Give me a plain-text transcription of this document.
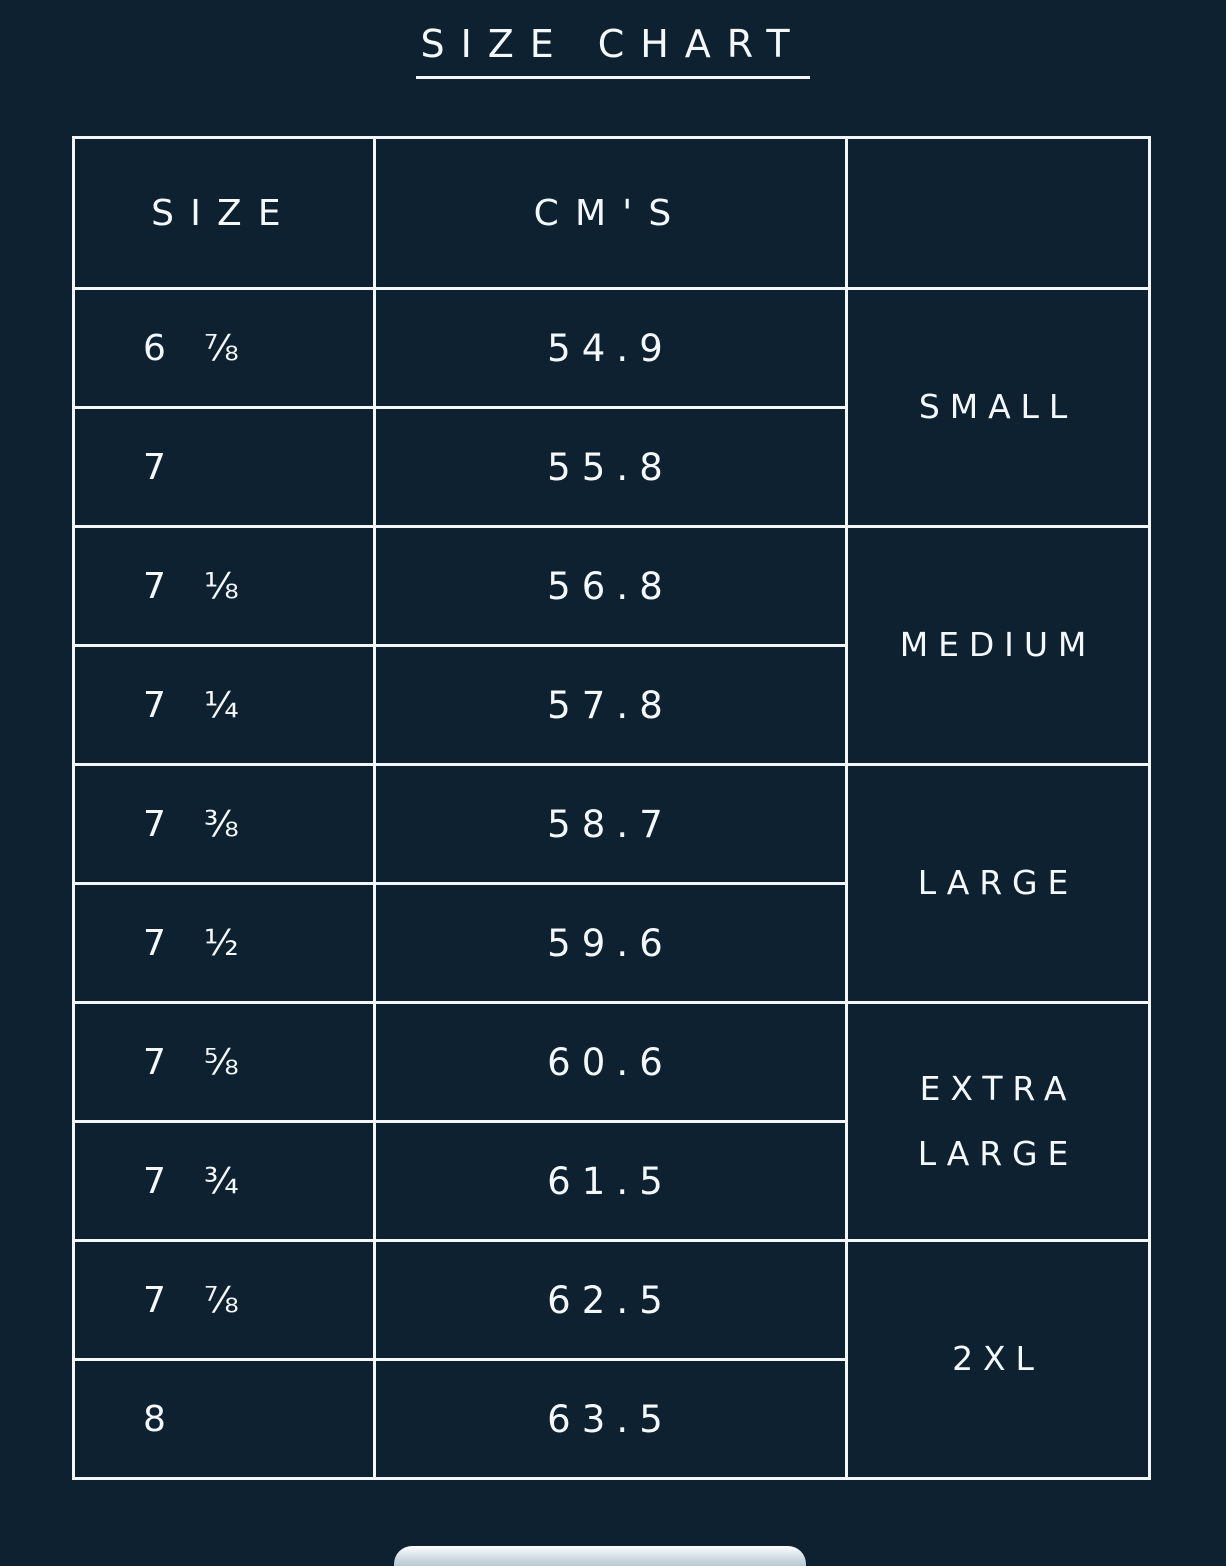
SIZE CHART
SIZE	CM'S	
6  ⅞	54.9	SMALL
7	55.8	
7  ⅛	56.8	MEDIUM
7  ¼	57.8	
7  ⅜	58.7	LARGE
7  ½	59.6	
7  ⅝	60.6	EXTRA LARGE
7  ¾	61.5	
7  ⅞	62.5	2XL
8	63.5	
